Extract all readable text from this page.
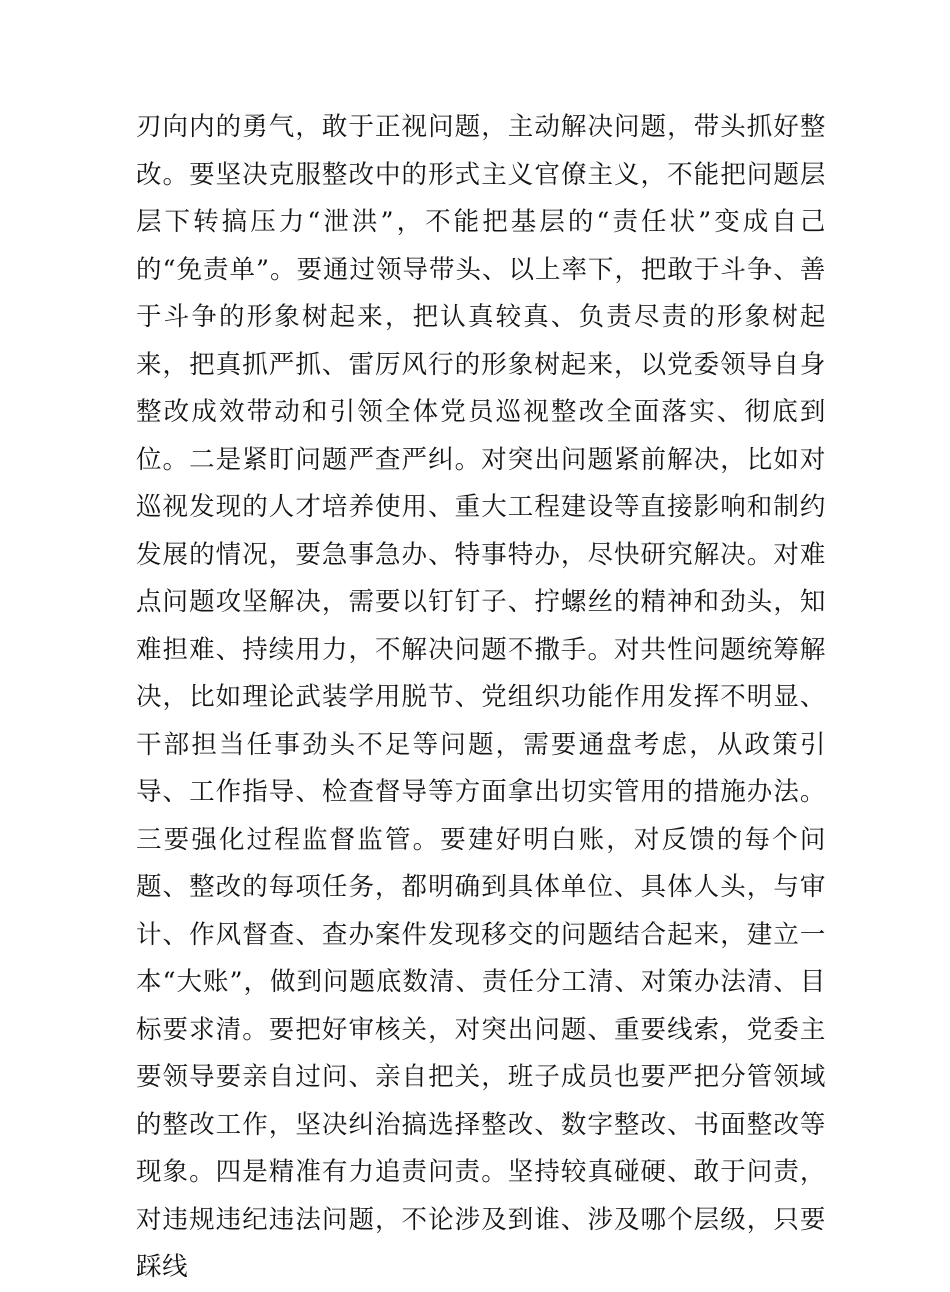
刃向内的勇气，敢于正视问题，主动解决问题，带头抓好整改。要坚决克服整改中的形式主义官僚主义，不能把问题层层下转搞压力“泄洪”，不能把基层的“责任状”变成自己的“免责单”。要通过领导带头、以上率下，把敢于斗争、善于斗争的形象树起来，把认真较真、负责尽责的形象树起来，把真抓严抓、雷厉风行的形象树起来，以党委领导自身整改成效带动和引领全体党员巡视整改全面落实、彻底到位。二是紧盯问题严查严纠。对突出问题紧前解决，比如对巡视发现的人才培养使用、重大工程建设等直接影响和制约发展的情况，要急事急办、特事特办，尽快研究解决。对难点问题攻坚解决，需要以钉钉子、拧螺丝的精神和劲头，知难担难、持续用力，不解决问题不撒手。对共性问题统筹解决，比如理论武装学用脱节、党组织功能作用发挥不明显、干部担当任事劲头不足等问题，需要通盘考虑，从政策引导、工作指导、检查督导等方面拿出切实管用的措施办法。三要强化过程监督监管。要建好明白账，对反馈的每个问题、整改的每项任务，都明确到具体单位、具体人头，与审计、作风督查、查办案件发现移交的问题结合起来，建立一本“大账”，做到问题底数清、责任分工清、对策办法清、目标要求清。要把好审核关，对突出问题、重要线索，党委主要领导要亲自过问、亲自把关，班子成员也要严把分管领域的整改工作，坚决纠治搞选择整改、数字整改、书面整改等现象。四是精准有力追责问责。坚持较真碰硬、敢于问责，对违规违纪违法问题，不论涉及到谁、涉及哪个层级，只要踩线
